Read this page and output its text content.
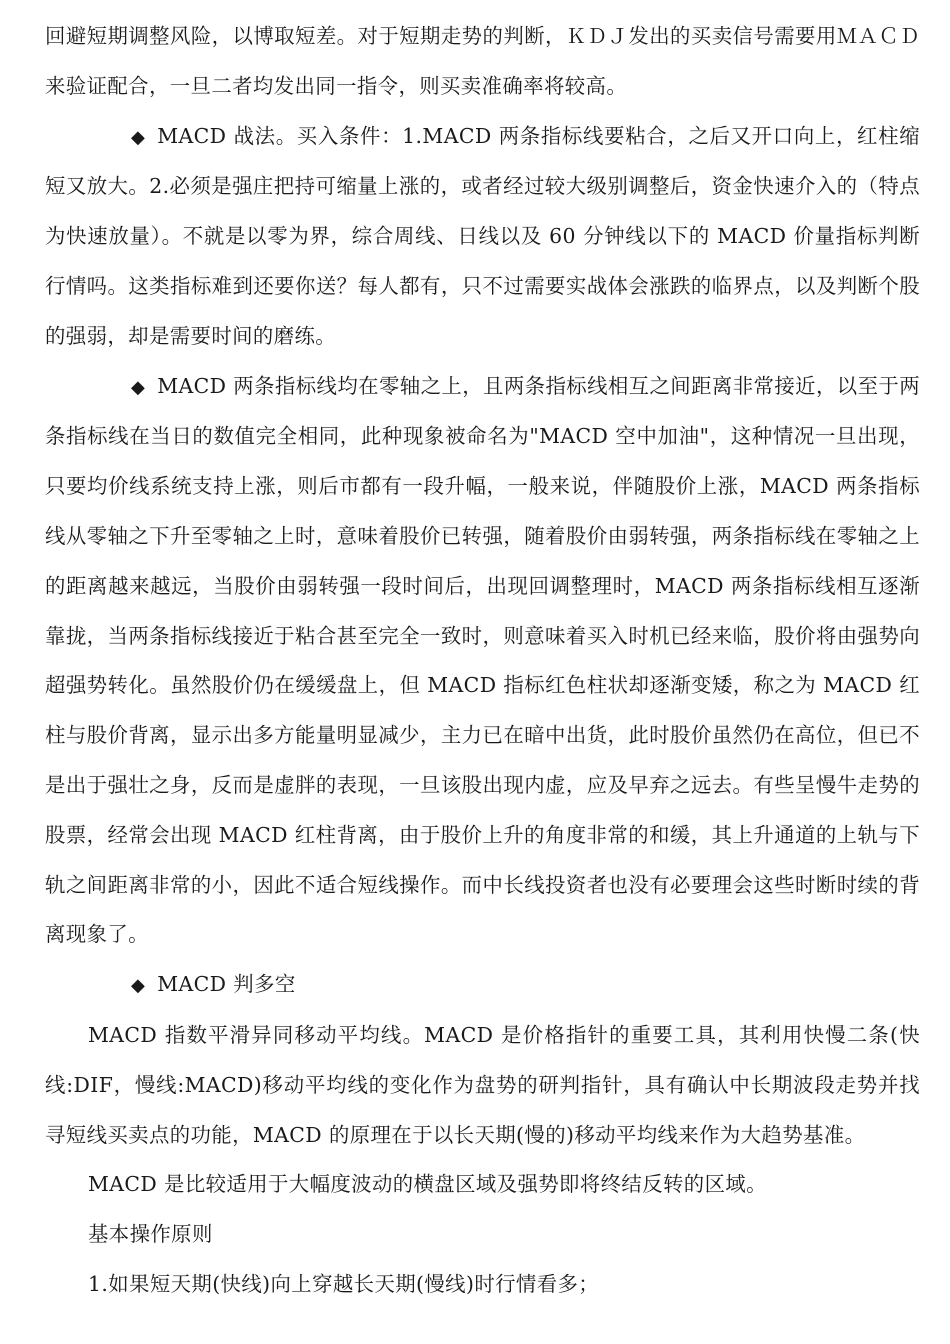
回避短期调整风险，以博取短差。对于短期走势的判断，ＫＤＪ发出的买卖信号需要用ＭＡＣＤ来验证配合，一旦二者均发出同一指令，则买卖准确率将较高。

◆ MACD 战法。买入条件：1.MACD 两条指标线要粘合，之后又开口向上，红柱缩短又放大。2.必须是强庄把持可缩量上涨的，或者经过较大级别调整后，资金快速介入的（特点为快速放量）。不就是以零为界，综合周线、日线以及 60 分钟线以下的 MACD 价量指标判断行情吗。这类指标难到还要你送？每人都有，只不过需要实战体会涨跌的临界点，以及判断个股的强弱，却是需要时间的磨练。

◆ MACD 两条指标线均在零轴之上，且两条指标线相互之间距离非常接近，以至于两条指标线在当日的数值完全相同，此种现象被命名为"MACD 空中加油"，这种情况一旦出现，只要均价线系统支持上涨，则后市都有一段升幅，一般来说，伴随股价上涨，MACD 两条指标线从零轴之下升至零轴之上时，意味着股价已转强，随着股价由弱转强，两条指标线在零轴之上的距离越来越远，当股价由弱转强一段时间后，出现回调整理时，MACD 两条指标线相互逐渐靠拢，当两条指标线接近于粘合甚至完全一致时，则意味着买入时机已经来临，股价将由强势向超强势转化。虽然股价仍在缓缓盘上，但 MACD 指标红色柱状却逐渐变矮，称之为 MACD 红柱与股价背离，显示出多方能量明显减少，主力已在暗中出货，此时股价虽然仍在高位，但已不是出于强壮之身，反而是虚胖的表现，一旦该股出现内虚，应及早弃之远去。有些呈慢牛走势的股票，经常会出现 MACD 红柱背离，由于股价上升的角度非常的和缓，其上升通道的上轨与下轨之间距离非常的小，因此不适合短线操作。而中长线投资者也没有必要理会这些时断时续的背离现象了。

◆ MACD 判多空

MACD 指数平滑异同移动平均线。MACD 是价格指针的重要工具，其利用快慢二条(快线:DIF，慢线:MACD)移动平均线的变化作为盘势的研判指针，具有确认中长期波段走势并找寻短线买卖点的功能，MACD 的原理在于以长天期(慢的)移动平均线来作为大趋势基准。

MACD 是比较适用于大幅度波动的横盘区域及强势即将终结反转的区域。

基本操作原则

1.如果短天期(快线)向上穿越长天期(慢线)时行情看多；
